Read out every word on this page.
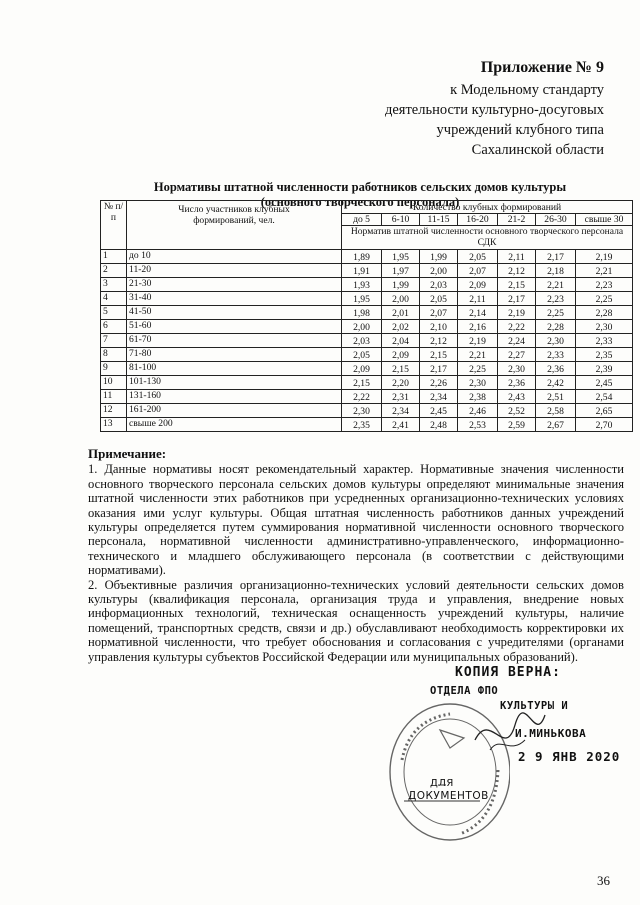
Приложение № 9
к Модельному стандарту
деятельности культурно-досуговых
учреждений клубного типа
Сахалинской области
Нормативы штатной численности работников сельских домов культуры
(основного творческого персонала)
№ п/п	Число участников клубных формирований, чел.	Количество клубных формирований						
		до 5	6-10	11-15	16-20	21-2	26-30	свыше 30
		Норматив штатной численности основного творческого персонала СДК						
1	до 10	1,89	1,95	1,99	2,05	2,11	2,17	2,19
2	11-20	1,91	1,97	2,00	2,07	2,12	2,18	2,21
3	21-30	1,93	1,99	2,03	2,09	2,15	2,21	2,23
4	31-40	1,95	2,00	2,05	2,11	2,17	2,23	2,25
5	41-50	1,98	2,01	2,07	2,14	2,19	2,25	2,28
6	51-60	2,00	2,02	2,10	2,16	2,22	2,28	2,30
7	61-70	2,03	2,04	2,12	2,19	2,24	2,30	2,33
8	71-80	2,05	2,09	2,15	2,21	2,27	2,33	2,35
9	81-100	2,09	2,15	2,17	2,25	2,30	2,36	2,39
10	101-130	2,15	2,20	2,26	2,30	2,36	2,42	2,45
11	131-160	2,22	2,31	2,34	2,38	2,43	2,51	2,54
12	161-200	2,30	2,34	2,45	2,46	2,52	2,58	2,65
13	свыше 200	2,35	2,41	2,48	2,53	2,59	2,67	2,70
Примечание:

1. Данные нормативы носят рекомендательный характер. Нормативные значения численности основного творческого персонала сельских домов культуры определяют минимальные значения штатной численности этих работников при усредненных организационно-технических условиях оказания ими услуг культуры. Общая штатная численность работников данных учреждений культуры определяется путем суммирования нормативной численности основного творческого персонала, нормативной численности административно-управленческого, информационно-технического и младшего обслуживающего персонала (в соответствии с действующими нормативами).

2. Объективные различия организационно-технических условий деятельности сельских домов культуры (квалификация персонала, организация труда и управления, внедрение новых информационных технологий, техническая оснащенность учреждений культуры, наличие помещений, транспортных средств, связи и др.) обуславливают необходимость корректировки их нормативной численности, что требует обоснования и согласования с учредителями (органами управления культуры субъектов Российской Федерации или муниципальных образований).

КОПИЯ ВЕРНА:
ОТДЕЛА ФПО
КУЛЬТУРЫ И
И.МИНЬКОВА
ДЛЯ
ДОКУМЕНТОВ
2 9 ЯНВ 2020
36
